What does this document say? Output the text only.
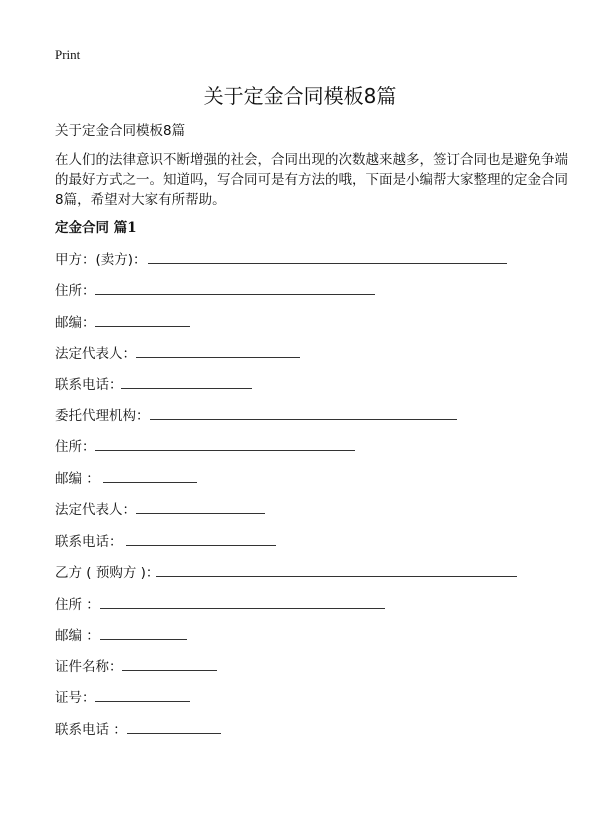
Print
关于定金合同模板8篇
关于定金合同模板8篇
在人们的法律意识不断增强的社会，合同出现的次数越来越多，签订合同也是避免争端的最好方式之一。知道吗，写合同可是有方法的哦，下面是小编帮大家整理的定金合同8篇，希望对大家有所帮助。
定金合同 篇1
甲方：(卖方)：
住所：
邮编：
法定代表人：
联系电话：
委托代理机构：
住所：
邮编 ：
法定代表人：
联系电话：
乙方 ( 预购方 )：
住所 ：
邮编 ：
证件名称：
证号：
联系电话 ：
